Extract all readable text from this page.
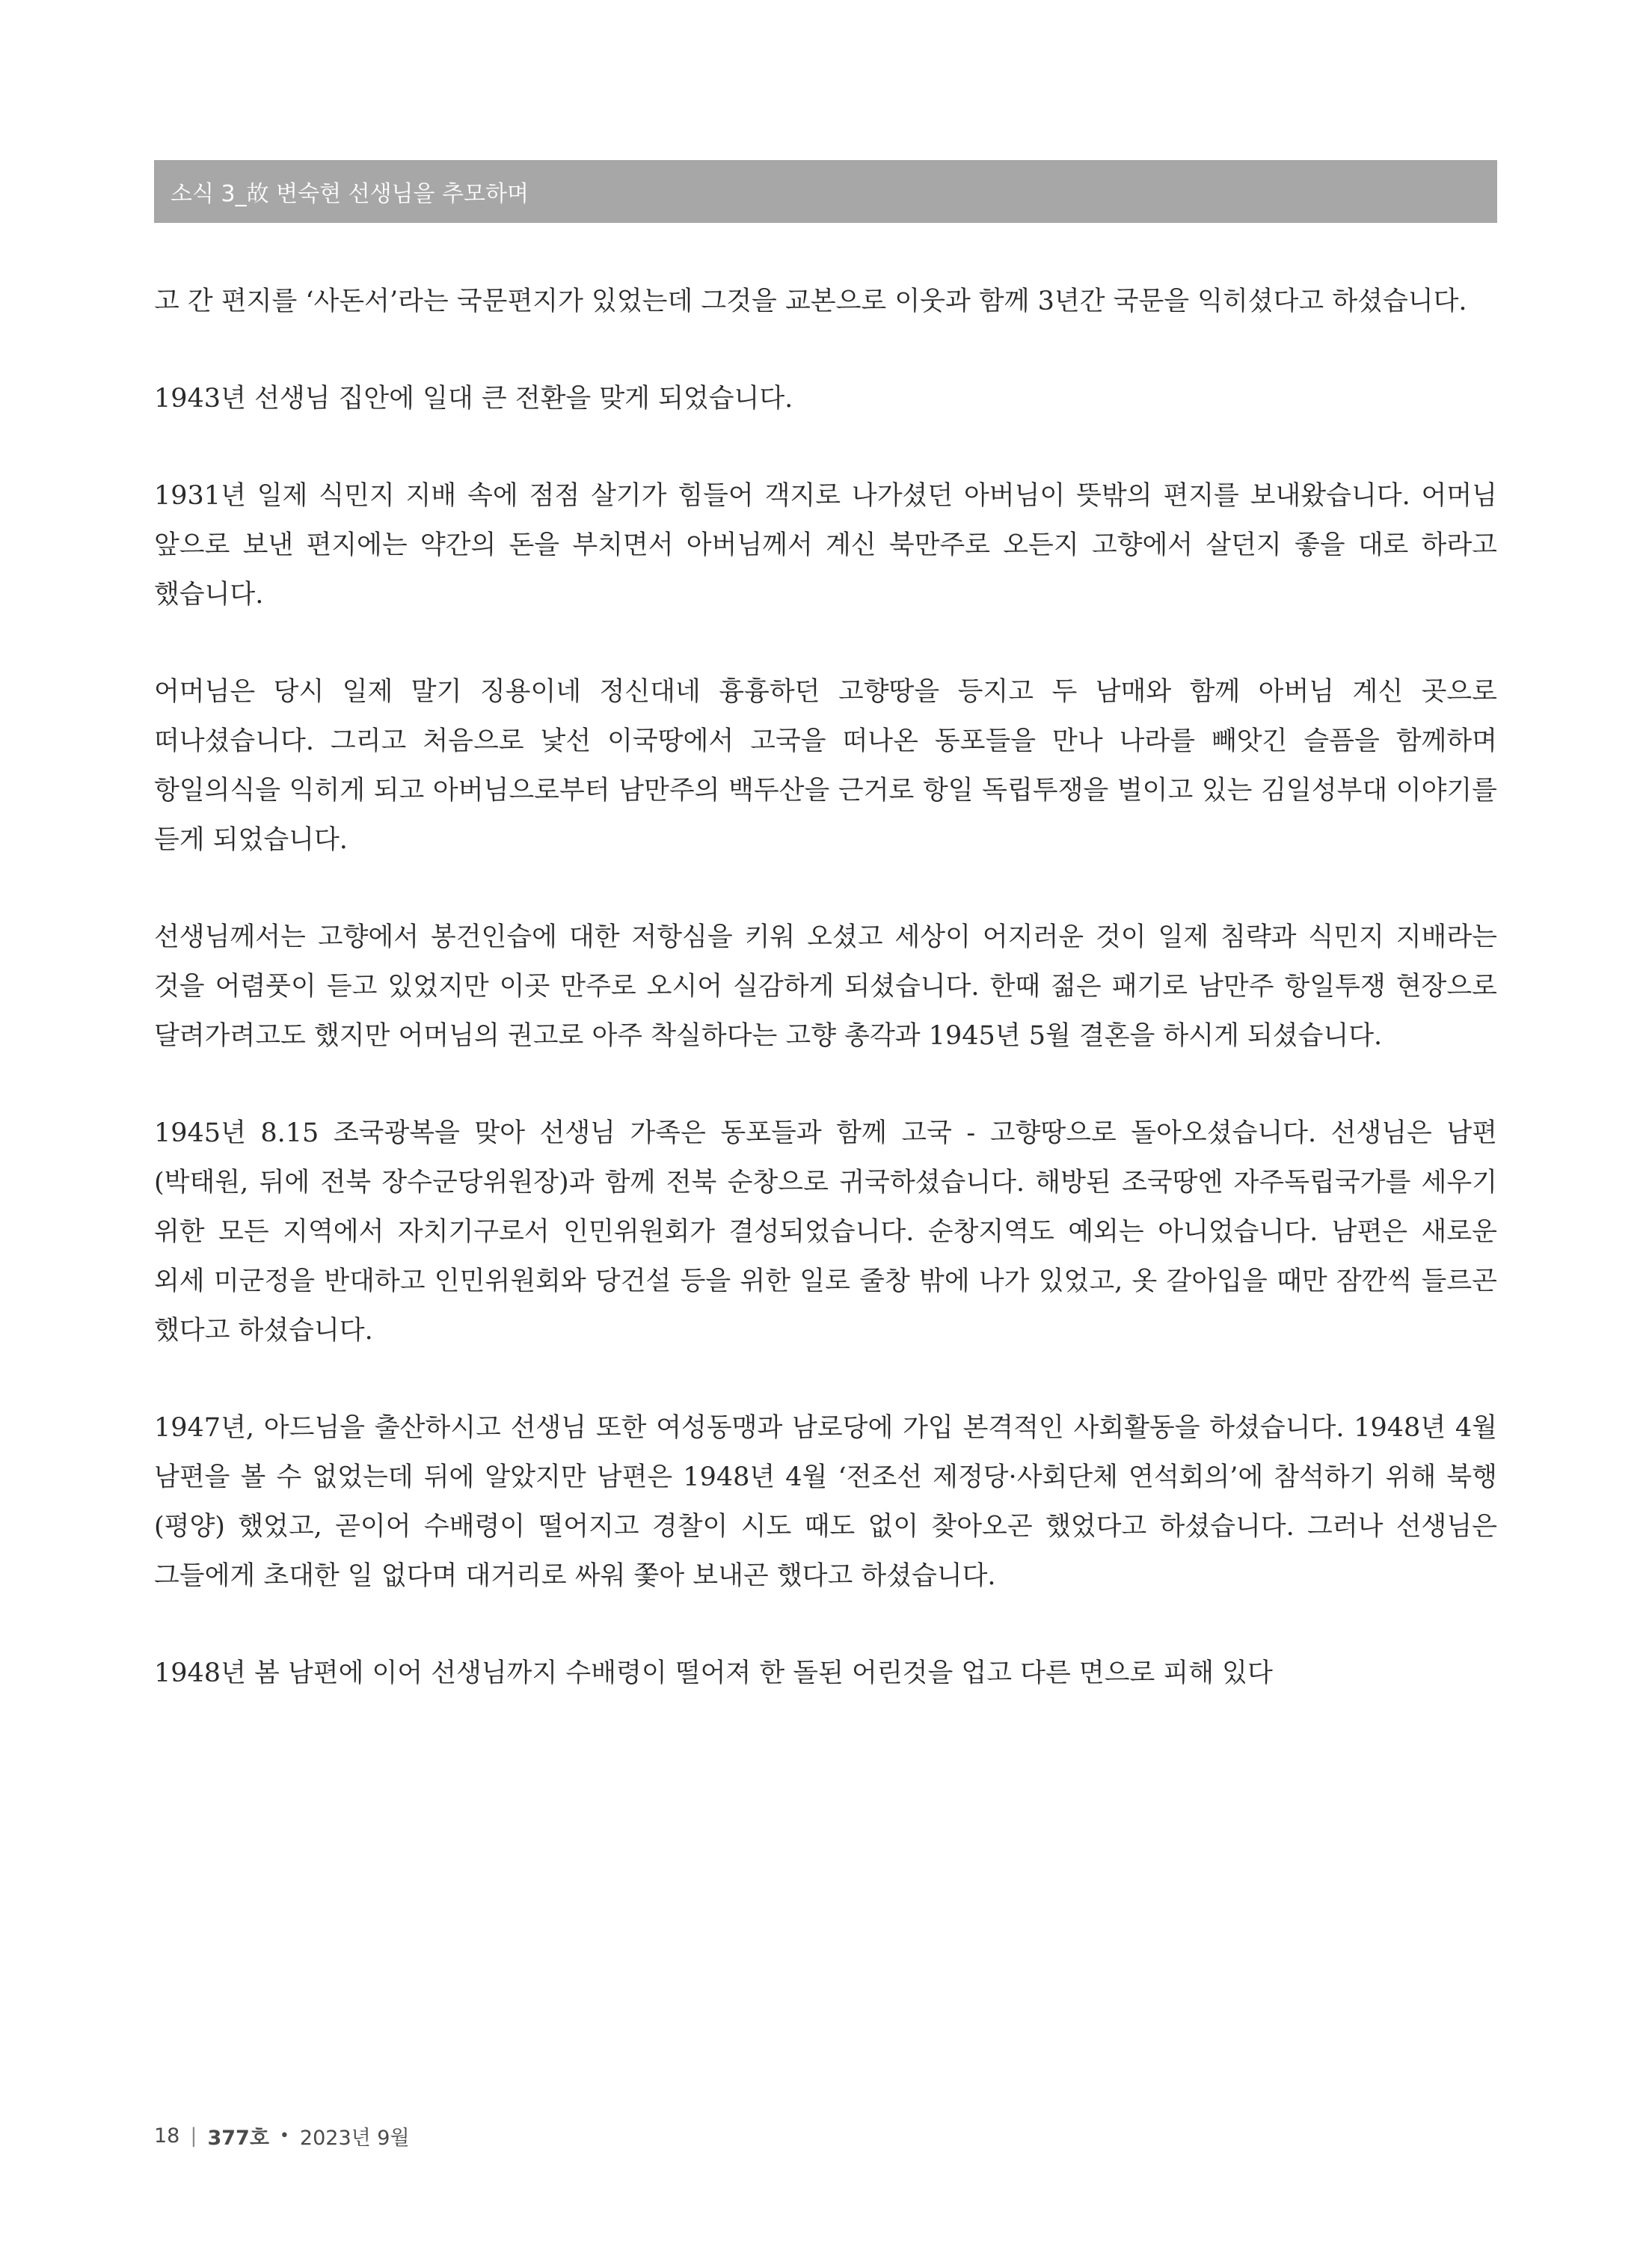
소식 3_故 변숙현 선생님을 추모하며

고 간 편지를 ‘사돈서’라는 국문편지가 있었는데 그것을 교본으로 이웃과 함께 3년간 국문을 익히셨다고 하셨습니다.

1943년 선생님 집안에 일대 큰 전환을 맞게 되었습니다.

1931년 일제 식민지 지배 속에 점점 살기가 힘들어 객지로 나가셨던 아버님이 뜻밖의 편지를 보내왔습니다. 어머님 앞으로 보낸 편지에는 약간의 돈을 부치면서 아버님께서 계신 북만주로 오든지 고향에서 살던지 좋을 대로 하라고 했습니다.

어머님은 당시 일제 말기 징용이네 정신대네 흉흉하던 고향땅을 등지고 두 남매와 함께 아버님 계신 곳으로 떠나셨습니다. 그리고 처음으로 낯선 이국땅에서 고국을 떠나온 동포들을 만나 나라를 빼앗긴 슬픔을 함께하며 항일의식을 익히게 되고 아버님으로부터 남만주의 백두산을 근거로 항일 독립투쟁을 벌이고 있는 김일성부대 이야기를 듣게 되었습니다.

선생님께서는 고향에서 봉건인습에 대한 저항심을 키워 오셨고 세상이 어지러운 것이 일제 침략과 식민지 지배라는 것을 어렴풋이 듣고 있었지만 이곳 만주로 오시어 실감하게 되셨습니다. 한때 젊은 패기로 남만주 항일투쟁 현장으로 달려가려고도 했지만 어머님의 권고로 아주 착실하다는 고향 총각과 1945년 5월 결혼을 하시게 되셨습니다.

1945년 8.15 조국광복을 맞아 선생님 가족은 동포들과 함께 고국 - 고향땅으로 돌아오셨습니다. 선생님은 남편(박태원, 뒤에 전북 장수군당위원장)과 함께 전북 순창으로 귀국하셨습니다. 해방된 조국땅엔 자주독립국가를 세우기 위한 모든 지역에서 자치기구로서 인민위원회가 결성되었습니다. 순창지역도 예외는 아니었습니다. 남편은 새로운 외세 미군정을 반대하고 인민위원회와 당건설 등을 위한 일로 줄창 밖에 나가 있었고, 옷 갈아입을 때만 잠깐씩 들르곤 했다고 하셨습니다.

1947년, 아드님을 출산하시고 선생님 또한 여성동맹과 남로당에 가입 본격적인 사회활동을 하셨습니다. 1948년 4월 남편을 볼 수 없었는데 뒤에 알았지만 남편은 1948년 4월 ‘전조선 제정당·사회단체 연석회의’에 참석하기 위해 북행(평양) 했었고, 곧이어 수배령이 떨어지고 경찰이 시도 때도 없이 찾아오곤 했었다고 하셨습니다. 그러나 선생님은 그들에게 초대한 일 없다며 대거리로 싸워 쫓아 보내곤 했다고 하셨습니다.

1948년 봄 남편에 이어 선생님까지 수배령이 떨어져 한 돌된 어린것을 업고 다른 면으로 피해 있다

18 | 377호 • 2023년 9월
